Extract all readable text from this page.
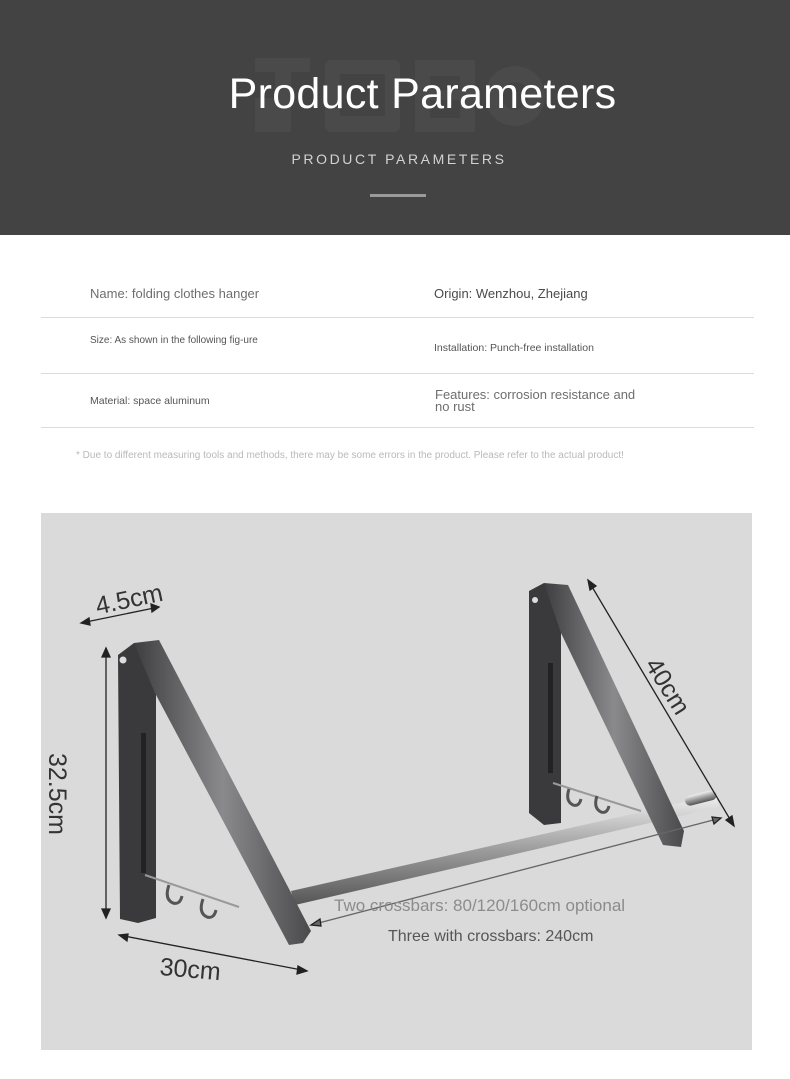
Product Parameters
PRODUCT PARAMETERS
Name: folding clothes hanger	Origin: Wenzhou, Zhejiang
Size: As shown in the following fig-ure
Installation: Punch-free installation
Material: space aluminum	Features: corrosion resistance and no rust
* Due to different measuring tools and methods, there may be some errors in the product. Please refer to the actual product!
4.5cm
32.5cm
30cm
40cm
Two crossbars: 80/120/160cm optional
Three with crossbars: 240cm
